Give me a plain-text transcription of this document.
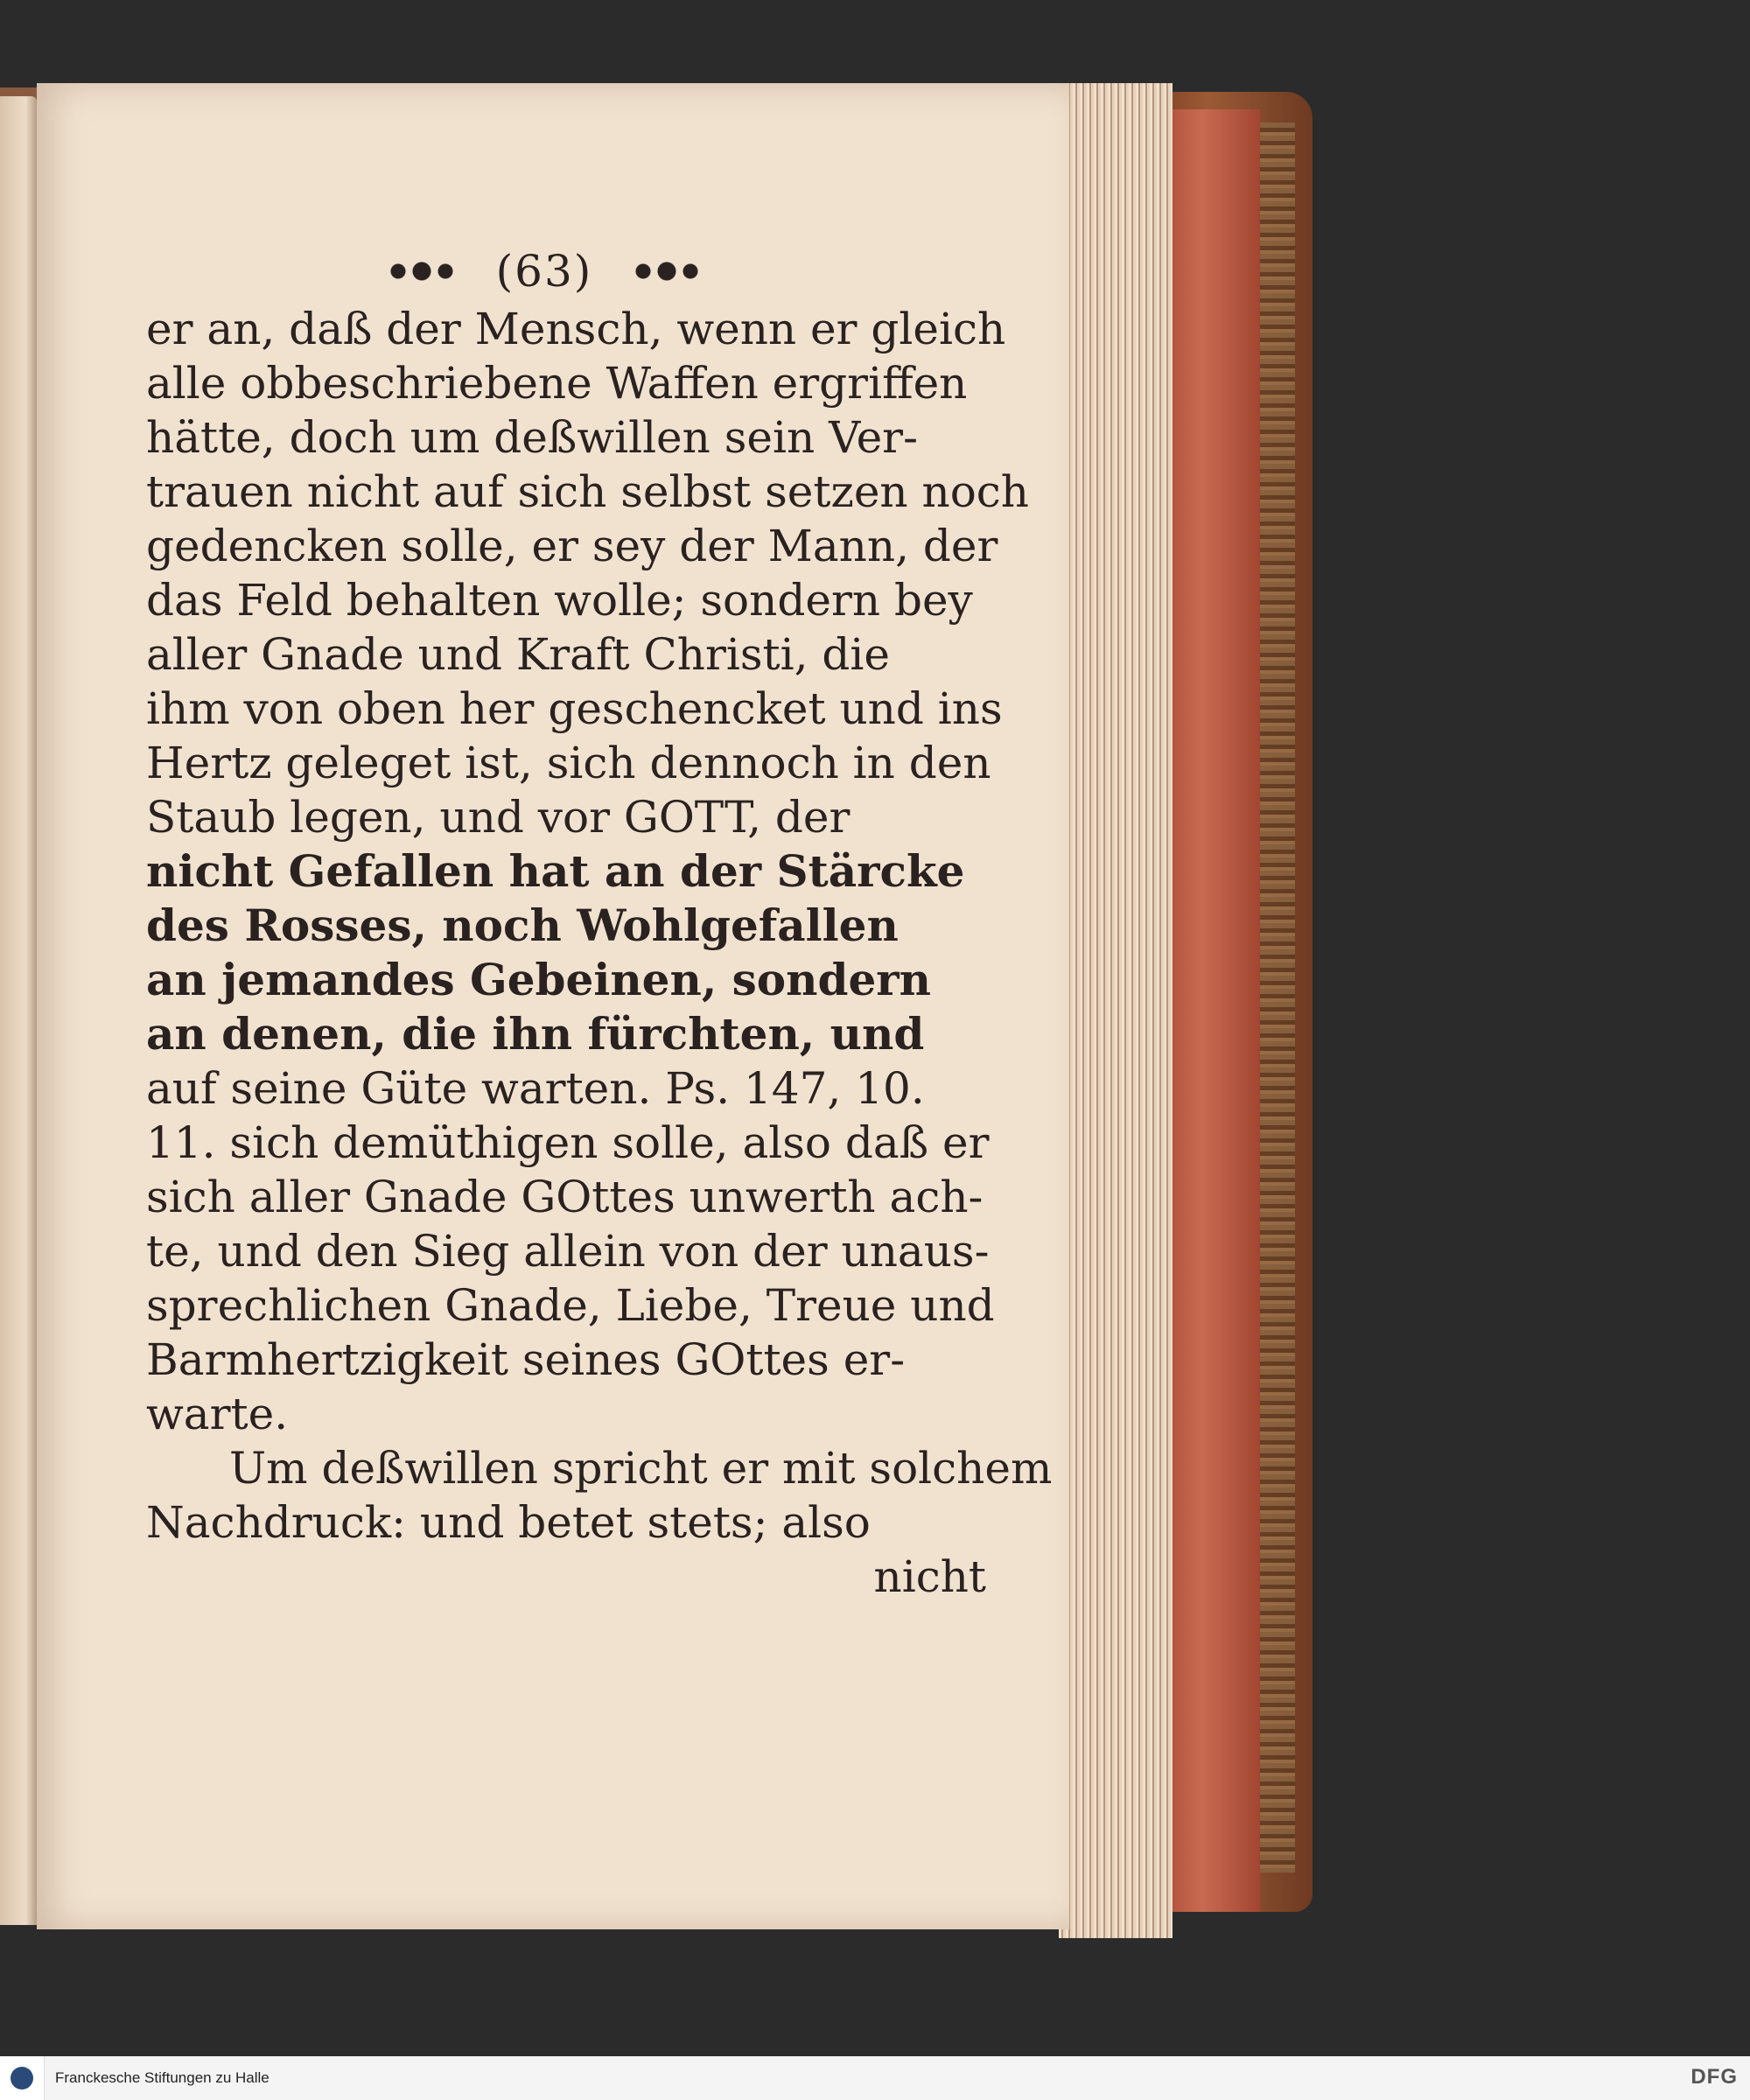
(63)
er an, daß der Mensch, wenn er gleich
alle obbeschriebene Waffen ergriffen
hätte, doch um deßwillen sein Ver-
trauen nicht auf sich selbst setzen noch
gedencken solle, er sey der Mann, der
das Feld behalten wolle; sondern bey
aller Gnade und Kraft Christi, die
ihm von oben her geschencket und ins
Hertz geleget ist, sich dennoch in den
Staub legen, und vor GOTT, der
nicht Gefallen hat an der Stärcke
des Rosses, noch Wohlgefallen
an jemandes Gebeinen, sondern
an denen, die ihn fürchten, und
auf seine Güte warten. Ps. 147, 10.
11. sich demüthigen solle, also daß er
sich aller Gnade GOttes unwerth ach-
te, und den Sieg allein von der unaus-
sprechlichen Gnade, Liebe, Treue und
Barmhertzigkeit seines GOttes er-
warte.
Um deßwillen spricht er mit solchem
Nachdruck: und betet stets; also
nicht
Franckesche Stiftungen zu Halle	DFG
